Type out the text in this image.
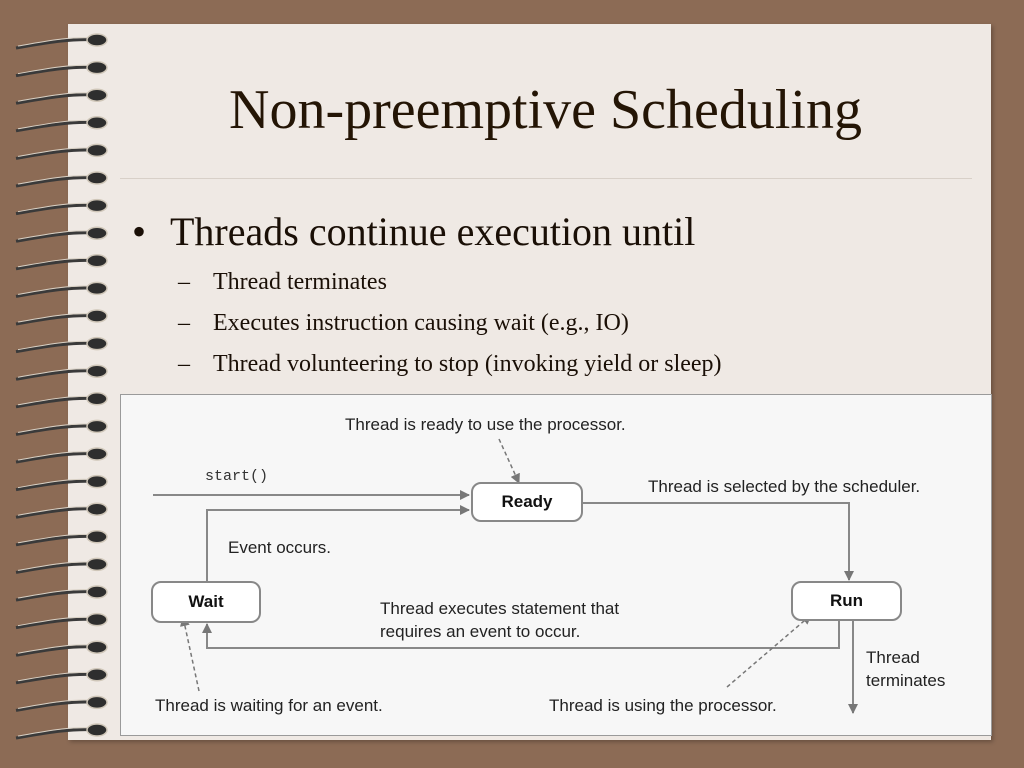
Non-preemptive Scheduling
• Threads continue execution until
– Thread terminates
– Executes instruction causing wait (e.g., IO)
– Thread volunteering to stop (invoking yield or sleep)
Thread is ready to use the processor.
start()
Thread is selected by the scheduler.
Event occurs.
Thread executes statement that
requires an event to occur.
Thread
terminates
Thread is waiting for an event.	Thread is using the processor.
Ready
Run
Wait
